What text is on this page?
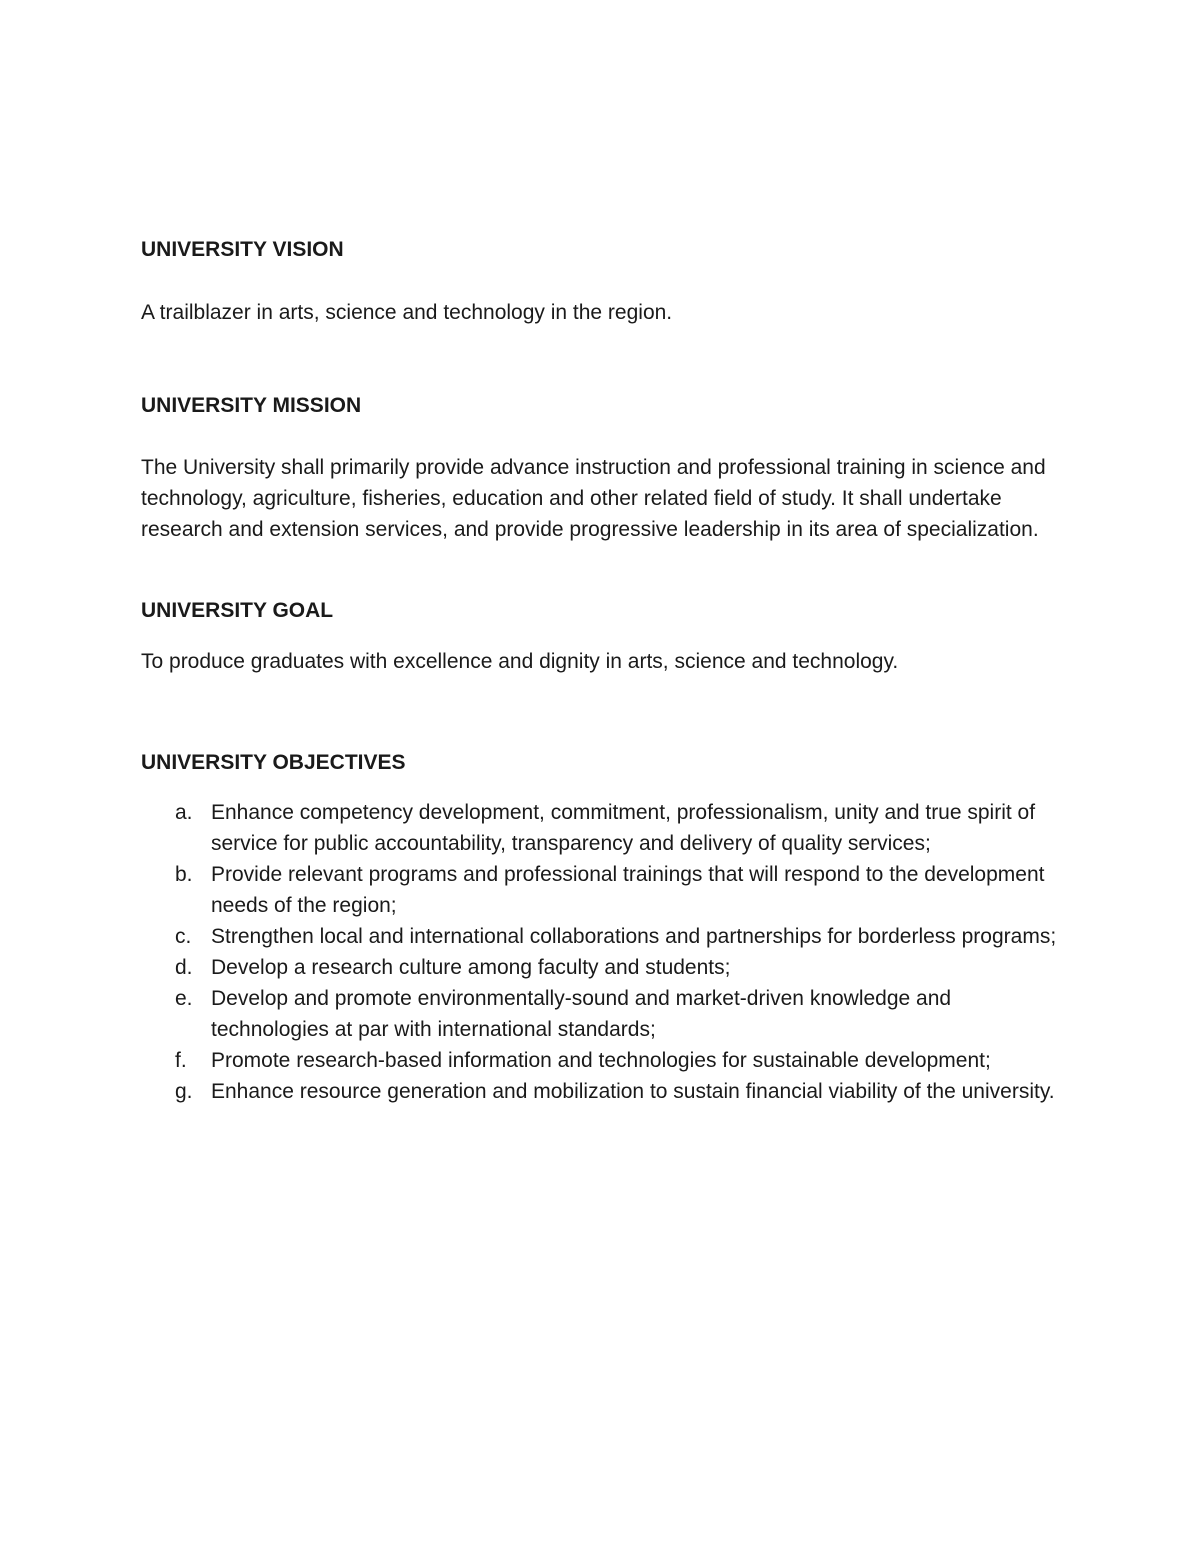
UNIVERSITY VISION

A trailblazer in arts, science and technology in the region.

UNIVERSITY MISSION

The University shall primarily provide advance instruction and professional training in science and technology, agriculture, fisheries, education and other related field of study. It shall undertake research and extension services, and provide progressive leadership in its area of specialization.

UNIVERSITY GOAL

To produce graduates with excellence and dignity in arts, science and technology.

UNIVERSITY OBJECTIVES
a. Enhance competency development, commitment, professionalism, unity and true spirit of service for public accountability, transparency and delivery of quality services;
b. Provide relevant programs and professional trainings that will respond to the development needs of the region;
c. Strengthen local and international collaborations and partnerships for borderless programs;
d. Develop a research culture among faculty and students;
e. Develop and promote environmentally-sound and market-driven knowledge and technologies at par with international standards;
f. Promote research-based information and technologies for sustainable development;
g. Enhance resource generation and mobilization to sustain financial viability of the university.
